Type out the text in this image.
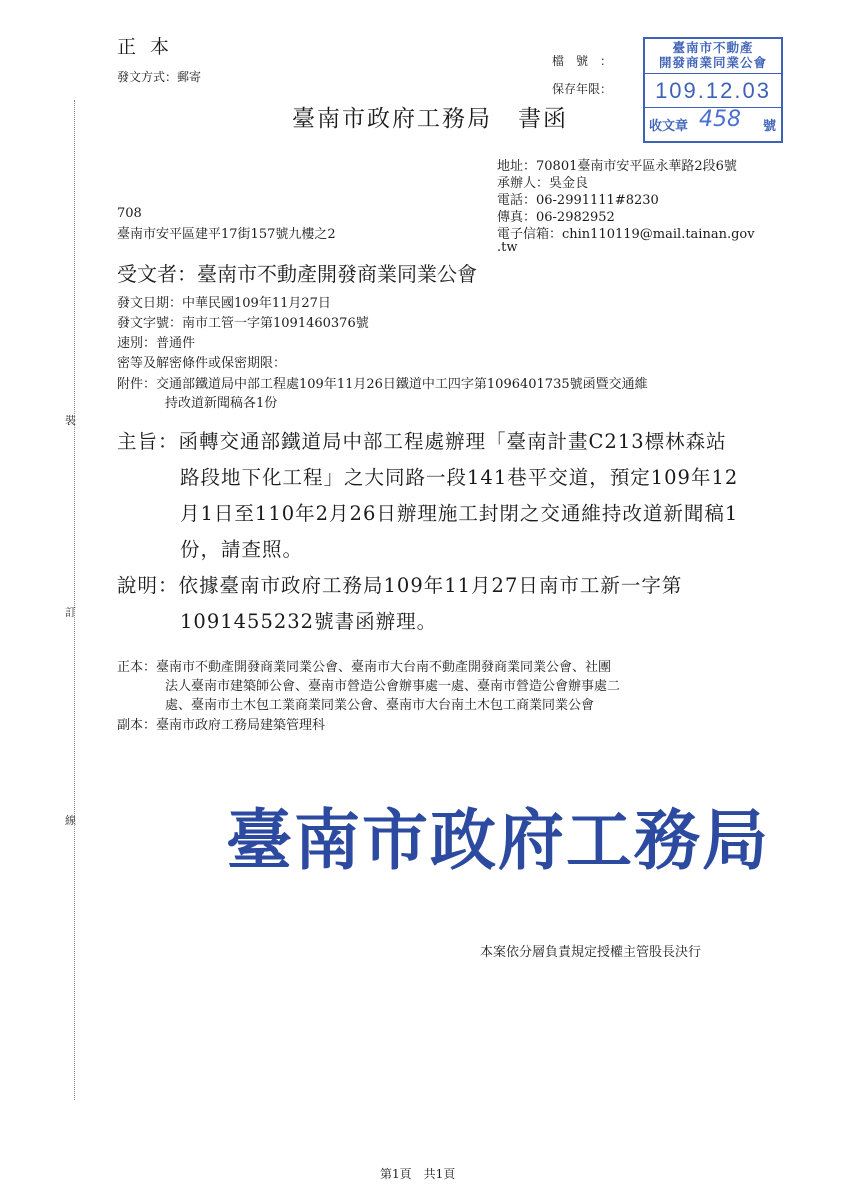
裝
訂
線
正本
發文方式：郵寄
臺南市政府工務局 書函
檔號：
保存年限：
臺南市不動產
開發商業同業公會
109.12.03
收文章 458 號
地址：70801臺南市安平區永華路2段6號
承辦人：吳金良
電話：06-2991111#8230
傳真：06-2982952
電子信箱：chin110119@mail.tainan.gov
.tw
708
臺南市安平區建平17街157號九樓之2
受文者：臺南市不動產開發商業同業公會
發文日期：中華民國109年11月27日
發文字號：南市工管一字第1091460376號
速別：普通件
密等及解密條件或保密期限：
附件：交通部鐵道局中部工程處109年11月26日鐵道中工四字第1096401735號函暨交通維
持改道新聞稿各1份
主旨：函轉交通部鐵道局中部工程處辦理「臺南計畫C213標林森站
路段地下化工程」之大同路一段141巷平交道，預定109年12
月1日至110年2月26日辦理施工封閉之交通維持改道新聞稿1
份，請查照。
說明：依據臺南市政府工務局109年11月27日南市工新一字第
1091455232號書函辦理。
正本：臺南市不動產開發商業同業公會、臺南市大台南不動產開發商業同業公會、社團
法人臺南市建築師公會、臺南市營造公會辦事處一處、臺南市營造公會辦事處二
處、臺南市土木包工業商業同業公會、臺南市大台南土木包工商業同業公會
副本：臺南市政府工務局建築管理科
臺南市政府工務局
本案依分層負責規定授權主管股長決行
第1頁　共1頁
